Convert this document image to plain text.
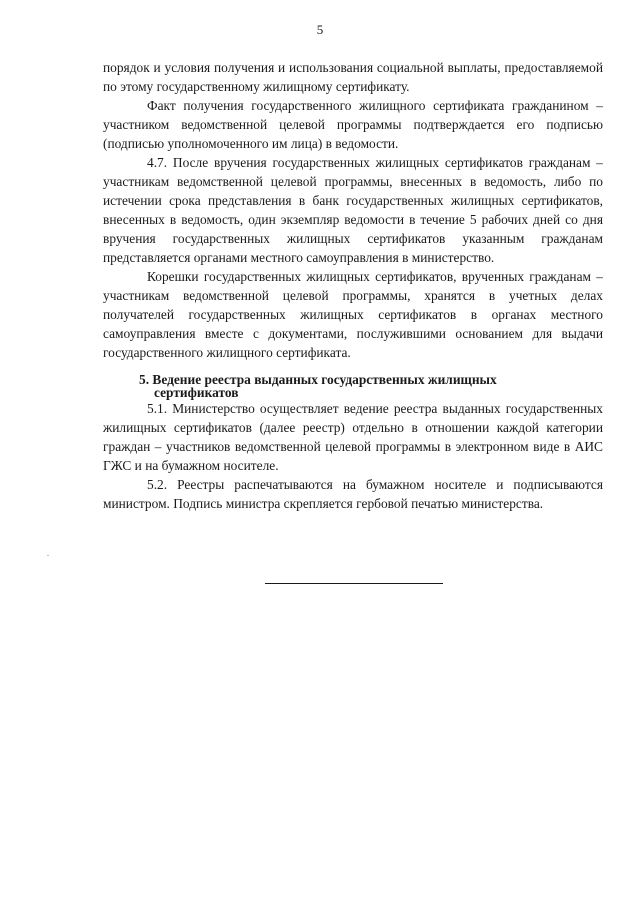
5

порядок и условия получения и использования социальной выплаты, предоставляемой по этому государственному жилищному сертификату.

Факт получения государственного жилищного сертификата гражданином – участником ведомственной целевой программы подтверждается его подписью (подписью уполномоченного им лица) в ведомости.

4.7. После вручения государственных жилищных сертификатов гражданам – участникам ведомственной целевой программы, внесенных в ведомость, либо по истечении срока представления в банк государственных жилищных сертификатов, внесенных в ведомость, один экземпляр ведомости в течение 5 рабочих дней со дня вручения государственных жилищных сертификатов указанным гражданам представляется органами местного самоуправления в министерство.

Корешки государственных жилищных сертификатов, врученных гражданам – участникам ведомственной целевой программы, хранятся в учетных делах получателей государственных жилищных сертификатов в органах местного самоуправления вместе с документами, послужившими основанием для выдачи государственного жилищного сертификата.

5. Ведение реестра выданных государственных жилищных
сертификатов

5.1. Министерство осуществляет ведение реестра выданных государственных жилищных сертификатов (далее реестр) отдельно в отношении каждой категории граждан – участников ведомственной целевой программы в электронном виде в АИС ГЖС и на бумажном носителе.

5.2. Реестры распечатываются на бумажном носителе и подписываются министром. Подпись министра скрепляется гербовой печатью министерства.
